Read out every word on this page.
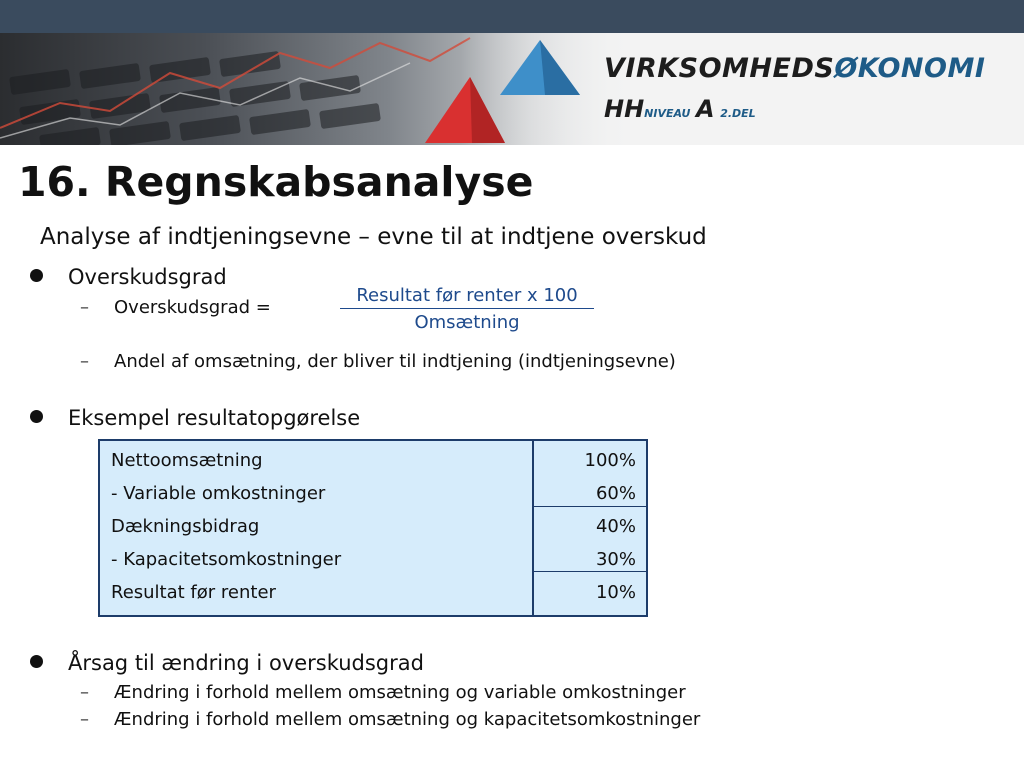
VIRKSOMHEDSØKONOMI
HHNIVEAU A 2.DEL
16. Regnskabsanalyse
Analyse af indtjeningsevne – evne til at indtjene overskud
Overskudsgrad
– Overskudsgrad =
Resultat før renter x 100
Omsætning
– Andel af omsætning, der bliver til indtjening (indtjeningsevne)
Eksempel resultatopgørelse
Nettoomsætning	100%
- Variable omkostninger	60%
Dækningsbidrag	40%
- Kapacitetsomkostninger	30%
Resultat før renter	10%
Årsag til ændring i overskudsgrad
– Ændring i forhold mellem omsætning og variable omkostninger
– Ændring i forhold mellem omsætning og kapacitetsomkostninger
